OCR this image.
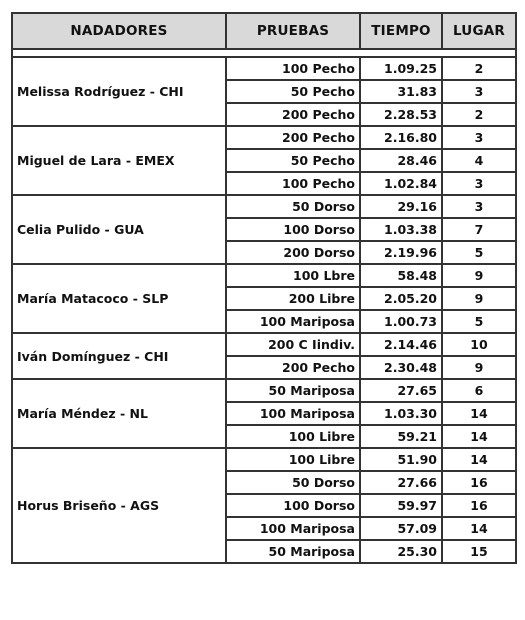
NADADORES	PRUEBAS	TIEMPO	LUGAR

Melissa Rodríguez - CHI	100 Pecho	1.09.25	2
	50 Pecho	31.83	3
	200 Pecho	2.28.53	2
Miguel de Lara - EMEX	200 Pecho	2.16.80	3
	50 Pecho	28.46	4
	100 Pecho	1.02.84	3
Celia Pulido - GUA	50 Dorso	29.16	3
	100 Dorso	1.03.38	7
	200 Dorso	2.19.96	5
María Matacoco - SLP	100 Lbre	58.48	9
	200 Libre	2.05.20	9
	100 Mariposa	1.00.73	5
Iván Domínguez - CHI	200 C Iindiv.	2.14.46	10
	200 Pecho	2.30.48	9
María Méndez - NL	50 Mariposa	27.65	6
	100 Mariposa	1.03.30	14
	100 Libre	59.21	14
Horus Briseño - AGS	100 Libre	51.90	14
	50 Dorso	27.66	16
	100 Dorso	59.97	16
	100 Mariposa	57.09	14
	50 Mariposa	25.30	15
